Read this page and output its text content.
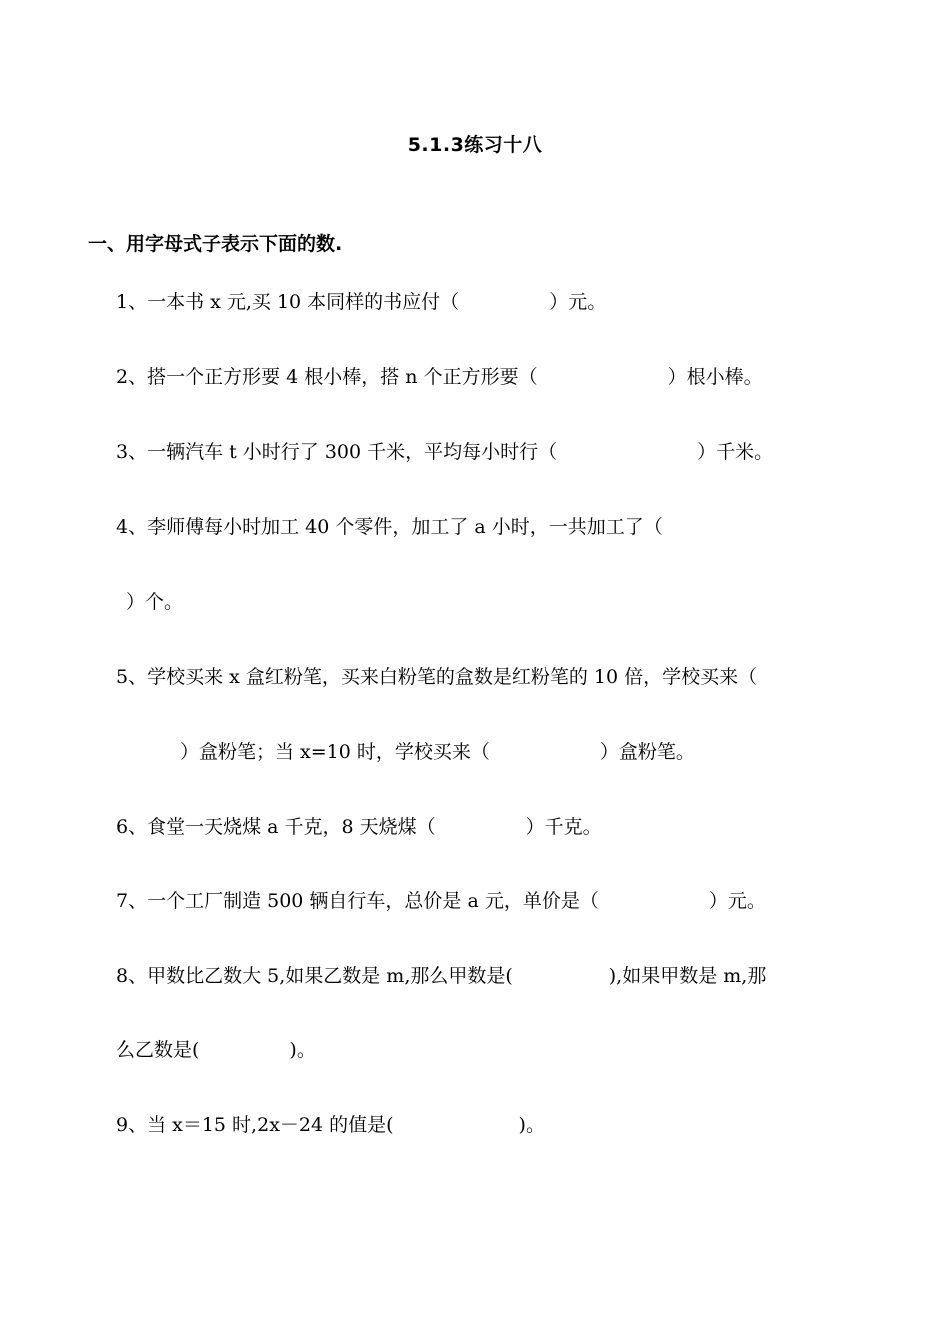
5.1.3练习十八
一、用字母式子表示下面的数.
1、一本书 x 元,买 10 本同样的书应付（	）元。
2、搭一个正方形要 4 根小棒，搭 n 个正方形要（	）根小棒。
3、一辆汽车 t 小时行了 300 千米，平均每小时行（	）千米。
4、李师傅每小时加工 40 个零件，加工了 a 小时，一共加工了（
）个。
5、学校买来 x 盒红粉笔，买来白粉笔的盒数是红粉笔的 10 倍，学校买来（
）盒粉笔；当 x=10 时，学校买来（	）盒粉笔。
6、食堂一天烧煤 a 千克，8 天烧煤（	）千克。
7、一个工厂制造 500 辆自行车，总价是 a 元，单价是（	）元。
8、甲数比乙数大 5,如果乙数是 m,那么甲数是(	),如果甲数是 m,那
么乙数是(	)。
9、当 x＝15 时,2x－24 的值是(	)。
